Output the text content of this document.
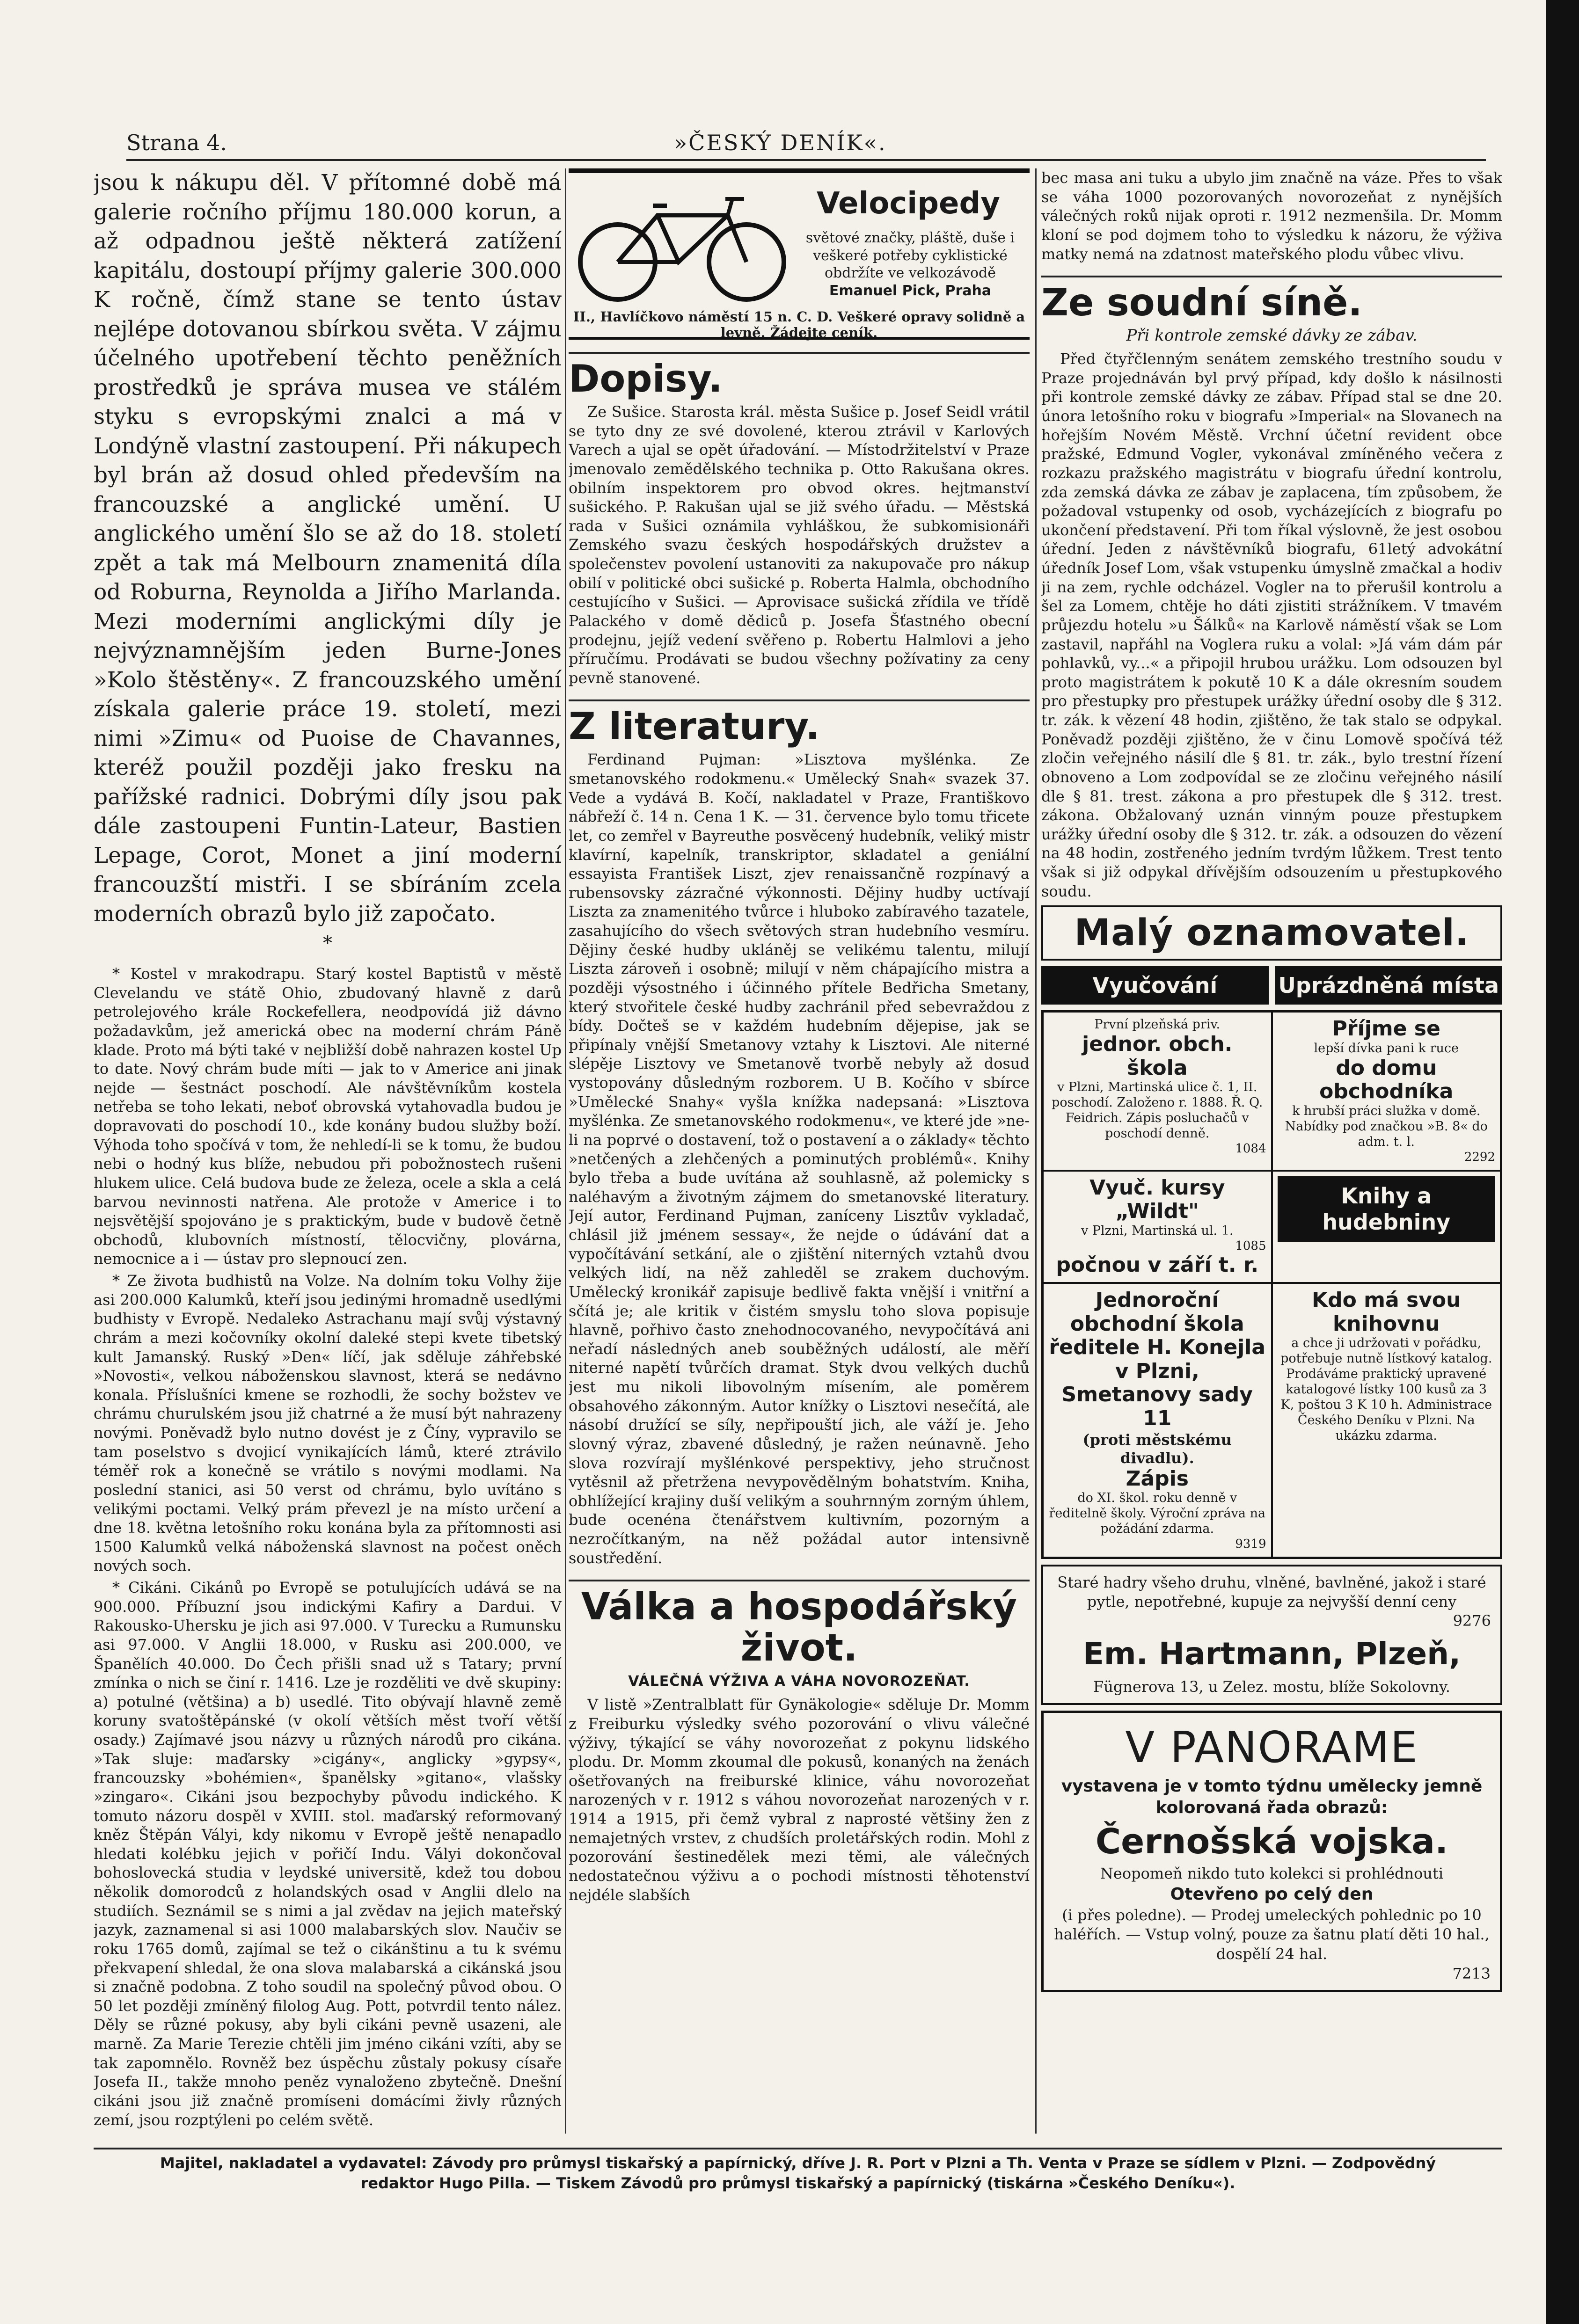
Strana 4.	»ČESKÝ DENÍK«.

jsou k nákupu děl. V přítomné době má galerie ročního příjmu 180.000 korun, a až odpadnou ještě některá zatížení kapitálu, dostoupí příjmy galerie 300.000 K ročně, čímž stane se tento ústav nejlépe dotovanou sbírkou světa. V zájmu účelného upotřebení těchto peněžních prostředků je správa musea ve stálém styku s evropskými znalci a má v Londýně vlastní zastoupení. Při nákupech byl brán až dosud ohled především na francouzské a anglické umění. U anglického umění šlo se až do 18. století zpět a tak má Melbourn znamenitá díla od Roburna, Reynolda a Jiřího Marlanda. Mezi moderními anglickými díly je nejvýznamnějším jeden Burne-Jones »Kolo štěstěny«. Z francouzského umění získala galerie práce 19. století, mezi nimi »Zimu« od Puoise de Chavannes, kteréž použil později jako fresku na pařížské radnici. Dobrými díly jsou pak dále zastoupeni Funtin-Lateur, Bastien Lepage, Corot, Monet a jiní moderní francouzští mistři. I se sbíráním zcela moderních obrazů bylo již započato.

*

* Kostel v mrakodrapu. Starý kostel Baptistů v městě Clevelandu ve státě Ohio, zbudovaný hlavně z darů petrolejového krále Rockefellera, neodpovídá již dávno požadavkům, jež americká obec na moderní chrám Páně klade. Proto má býti také v nejbližší době nahrazen kostel Up to date. Nový chrám bude míti — jak to v Americe ani jinak nejde — šestnáct poschodí. Ale návštěvníkům kostela netřeba se toho lekati, neboť obrovská vytahovadla budou je dopravovati do poschodí 10., kde konány budou služby boží. Výhoda toho spočívá v tom, že nehledí-li se k tomu, že budou nebi o hodný kus blíže, nebudou při pobožnostech rušeni hlukem ulice. Celá budova bude ze železa, ocele a skla a celá barvou nevinnosti natřena. Ale protože v Americe i to nejsvětější spojováno je s praktickým, bude v budově četně obchodů, klubovních místností, tělocvičny, plovárna, nemocnice a i — ústav pro slepnoucí zen.

* Ze života budhistů na Volze. Na dolním toku Volhy žije asi 200.000 Kalumků, kteří jsou jedinými hromadně usedlými budhisty v Evropě. Nedaleko Astrachanu mají svůj výstavný chrám a mezi kočovníky okolní daleké stepi kvete tibetský kult Jamanský. Ruský »Den« líčí, jak sděluje záhřebské »Novosti«, velkou náboženskou slavnost, která se nedávno konala. Příslušníci kmene se rozhodli, že sochy božstev ve chrámu churulském jsou již chatrné a že musí být nahrazeny novými. Poněvadž bylo nutno dovést je z Číny, vypravilo se tam poselstvo s dvojicí vynikajících lámů, které ztrávilo téměř rok a konečně se vrátilo s novými modlami. Na poslední stanici, asi 50 verst od chrámu, bylo uvítáno s velikými poctami. Velký prám převezl je na místo určení a dne 18. května letošního roku konána byla za přítomnosti asi 1500 Kalumků velká náboženská slavnost na počest oněch nových soch.

* Cikáni. Cikánů po Evropě se potulujících udává se na 900.000. Příbuzní jsou indickými Kafiry a Dardui. V Rakousko-Uhersku je jich asi 97.000. V Turecku a Rumunsku asi 97.000. V Anglii 18.000, v Rusku asi 200.000, ve Španělích 40.000. Do Čech přišli snad už s Tatary; první zmínka o nich se činí r. 1416. Lze je rozděliti ve dvě skupiny: a) potulné (většina) a b) usedlé. Tito obývají hlavně země koruny svatoštěpánské (v okolí větších měst tvoří větší osady.) Zajímavé jsou názvy u různých národů pro cikána. »Tak sluje: maďarsky »cigány«, anglicky »gypsy«, francouzsky »bohémien«, španělsky »gitano«, vlašsky »zingaro«. Cikáni jsou bezpochyby původu indického. K tomuto názoru dospěl v XVIII. stol. maďarský reformovaný kněz Štěpán Vályi, kdy nikomu v Evropě ještě nenapadlo hledati kolébku jejich v pořičí Indu. Vályi dokončoval bohoslovecká studia v leydské universitě, kdež tou dobou několik domorodců z holandských osad v Anglii dlelo na studiích. Seznámil se s nimi a jal zvědav na jejich mateřský jazyk, zaznamenal si asi 1000 malabarských slov. Naučiv se roku 1765 domů, zajímal se tež o cikánštinu a tu k svému překvapení shledal, že ona slova malabarská a cikánská jsou si značně podobna. Z toho soudil na společný původ obou. O 50 let později zmíněný filolog Aug. Pott, potvrdil tento nález. Děly se různé pokusy, aby byli cikáni pevně usazeni, ale marně. Za Marie Terezie chtěli jim jméno cikáni vzíti, aby se tak zapomnělo. Rovněž bez úspěchu zůstaly pokusy císaře Josefa II., takže mnoho peněz vynaloženo zbytečně. Dnešní cikáni jsou již značně promíseni domácími živly různých zemí, jsou rozptýleni po celém světě.

Velocipedy
světové značky, pláště, duše i veškeré potřeby cyklistické obdržíte ve velkozávodě
Emanuel Pick, Praha
II., Havlíčkovo náměstí 15 n. C. D. Veškeré opravy solidně a levně. Žádejte ceník.
Dopisy.

Ze Sušice. Starosta král. města Sušice p. Josef Seidl vrátil se tyto dny ze své dovolené, kterou ztrávil v Karlových Varech a ujal se opět úřadování. — Místodržitelství v Praze jmenovalo zemědělského technika p. Otto Rakušana okres. obilním inspektorem pro obvod okres. hejtmanství sušického. P. Rakušan ujal se již svého úřadu. — Městská rada v Sušici oznámila vyhláškou, že subkomisionáři Zemského svazu českých hospodářských družstev a společenstev povolení ustanoviti za nakupovače pro nákup obilí v politické obci sušické p. Roberta Halmla, obchodního cestujícího v Sušici. — Aprovisace sušická zřídila ve třídě Palackého v domě dědiců p. Josefa Šťastného obecní prodejnu, jejíž vedení svěřeno p. Robertu Halmlovi a jeho příručímu. Prodávati se budou všechny požívatiny za ceny pevně stanovené.

Z literatury.

Ferdinand Pujman: »Lisztova myšlénka. Ze smetanovského rodokmenu.« Umělecký Snah« svazek 37. Vede a vydává B. Kočí, nakladatel v Praze, Františkovo nábřeží č. 14 n. Cena 1 K. — 31. července bylo tomu třicete let, co zemřel v Bayreuthe posvěcený hudebník, veliký mistr klavírní, kapelník, transkriptor, skladatel a geniální essayista František Liszt, zjev renaissančně rozpínavý a rubensovsky zázračné výkonnosti. Dějiny hudby uctívají Liszta za znamenitého tvůrce i hluboko zabíravého tazatele, zasahujícího do všech světových stran hudebního vesmíru. Dějiny české hudby ukláněj se velikému talentu, milují Liszta zároveň i osobně; milují v něm chápajícího mistra a později výsostného i účinného přítele Bedřicha Smetany, který stvořitele české hudby zachránil před sebevraždou z bídy. Dočteš se v každém hudebním dějepise, jak se připínaly vnější Smetanovy vztahy k Lisztovi. Ale niterné slépěje Lisztovy ve Smetanově tvorbě nebyly až dosud vystopovány důsledným rozborem. U B. Kočího v sbírce »Umělecké Snahy« vyšla knížka nadepsaná: »Lisztova myšlénka. Ze smetanovského rodokmenu«, ve které jde »ne-li na poprvé o dostavení, tož o postavení a o základy« těchto »netčených a zlehčených a pominutých problémů«. Knihy bylo třeba a bude uvítána až souhlasně, až polemicky s naléhavým a životným zájmem do smetanovské literatury. Její autor, Ferdinand Pujman, zaníceny Lisztův vykladač, chlásil již jménem sessay«, že nejde o údávání dat a vypočítávání setkání, ale o zjištění niterných vztahů dvou velkých lidí, na něž zahleděl se zrakem duchovým. Umělecký kronikář zapisuje bedlivě fakta vnější i vnitřní a sčítá je; ale kritik v čistém smyslu toho slova popisuje hlavně, pořhivo často znehodnocovaného, nevypočítává ani neřadí následných aneb souběžných událostí, ale měří niterné napětí tvůrčích dramat. Styk dvou velkých duchů jest mu nikoli libovolným mísením, ale poměrem obsahového zákonným. Autor knížky o Lisztovi nesečítá, ale násobí družící se síly, nepřipouští jich, ale váží je. Jeho slovný výraz, zbavené důsledný, je ražen neúnavně. Jeho slova rozvírají myšlénkové perspektivy, jeho stručnost vytěsnil až přetržena nevypovědělným bohatstvím. Kniha, obhlížející krajiny duší velikým a souhrnným zorným úhlem, bude ocenéna čtenářstvem kultivním, pozorným a nezročítkaným, na něž požádal autor intensivně soustředění.

Válka a hospodářský život.
VÁLEČNÁ VÝŽIVA A VÁHA NOVOROZEŇAT.

V listě »Zentralblatt für Gynäkologie« sděluje Dr. Momm z Freiburku výsledky svého pozorování o vlivu válečné výživy, týkající se váhy novorozeňat z pokynu lidského plodu. Dr. Momm zkoumal dle pokusů, konaných na ženách ošetřovaných na freiburské klinice, váhu novorozeňat narozených v r. 1912 s váhou novorozeňat narozených v r. 1914 a 1915, při čemž vybral z naprosté většiny žen z nemajetných vrstev, z chudších proletářských rodin. Mohl z pozorování šestinedělek mezi těmi, ale válečných nedostatečnou výživu a o pochodi místnosti těhotenství nejdéle slabších

bec masa ani tuku a ubylo jim značně na váze. Přes to však se váha 1000 pozorovaných novorozeňat z nynějších válečných roků nijak oproti r. 1912 nezmenšila. Dr. Momm kloní se pod dojmem toho to výsledku k názoru, že výživa matky nemá na zdatnost mateřského plodu vůbec vlivu.

Ze soudní síně.
Při kontrole zemské dávky ze zábav.

Před čtyřčlenným senátem zemského trestního soudu v Praze projednáván byl prvý případ, kdy došlo k násilnosti při kontrole zemské dávky ze zábav. Případ stal se dne 20. února letošního roku v biografu »Imperial« na Slovanech na hořejším Novém Městě. Vrchní účetní revident obce pražské, Edmund Vogler, vykonával zmíněného večera z rozkazu pražského magistrátu v biografu úřední kontrolu, zda zemská dávka ze zábav je zaplacena, tím způsobem, že požadoval vstupenky od osob, vycházejících z biografu po ukončení představení. Při tom říkal výslovně, že jest osobou úřední. Jeden z návštěvníků biografu, 61letý advokátní úředník Josef Lom, však vstupenku úmyslně zmačkal a hodiv ji na zem, rychle odcházel. Vogler na to přerušil kontrolu a šel za Lomem, chtěje ho dáti zjistiti strážníkem. V tmavém průjezdu hotelu »u Šálků« na Karlově náměstí však se Lom zastavil, napřáhl na Voglera ruku a volal: »Já vám dám pár pohlavků, vy...« a připojil hrubou urážku. Lom odsouzen byl proto magistrátem k pokutě 10 K a dále okresním soudem pro přestupky pro přestupek urážky úřední osoby dle § 312. tr. zák. k vězení 48 hodin, zjištěno, že tak stalo se odpykal. Poněvadž později zjištěno, že v činu Lomově spočívá též zločin veřejného násilí dle § 81. tr. zák., bylo trestní řízení obnoveno a Lom zodpovídal se ze zločinu veřejného násilí dle § 81. trest. zákona a pro přestupek dle § 312. trest. zákona. Obžalovaný uznán vinným pouze přestupkem urážky úřední osoby dle § 312. tr. zák. a odsouzen do vězení na 48 hodin, zostřeného jedním tvrdým lůžkem. Trest tento však si již odpykal dřívějším odsouzením u přestupkového soudu.

Malý oznamovatel.
Vyučování	Uprázdněná místa
První plzeňská priv.
jednor. obch. škola
v Plzni, Martinská ulice č. 1, II. poschodí. Založeno r. 1888. Ř. Q. Feidrich. Zápis posluchačů v poschodí denně.
1084
Příjme se
lepší dívka pani k ruce
do domu obchodníka
k hrubší práci služka v domě. Nabídky pod značkou »B. 8« do adm. t. l.
2292
Vyuč. kursy „Wildt"
v Plzni, Martinská ul. 1.
1085
počnou v září t. r.
Knihy a hudebniny
Jednoroční obchodní škola ředitele H. Konejla v Plzni, Smetanovy sady 11
(proti městskému divadlu).
Zápis
do XI. škol. roku denně v ředitelně školy. Výroční zpráva na požádání zdarma.
9319
Kdo má svou knihovnu
a chce ji udržovati v pořádku, potřebuje nutně lístkový katalog. Prodáváme praktický upravené katalogové lístky 100 kusů za 3 K, poštou 3 K 10 h. Administrace Českého Deníku v Plzni. Na ukázku zdarma.
Staré hadry všeho druhu, vlněné, bavlněné, jakož i staré pytle, nepotřebné, kupuje za nejvyšší denní ceny
9276
Em. Hartmann, Plzeň,
Fügnerova 13, u Zelez. mostu, blíže Sokolovny.
V PANORAME
vystavena je v tomto týdnu umělecky jemně kolorovaná řada obrazů:
Černošská vojska.
Neopomeň nikdo tuto kolekci si prohlédnouti
Otevřeno po celý den
(i přes poledne). — Prodej umeleckých pohlednic po 10 haléřích. — Vstup volný, pouze za šatnu platí děti 10 hal., dospělí 24 hal.
7213
Majitel, nakladatel a vydavatel: Závody pro průmysl tiskařský a papírnický, dříve J. R. Port v Plzni a Th. Venta v Praze se sídlem v Plzni. — Zodpovědný
redaktor Hugo Pilla. — Tiskem Závodů pro průmysl tiskařský a papírnický (tiskárna »Českého Deníku«).
